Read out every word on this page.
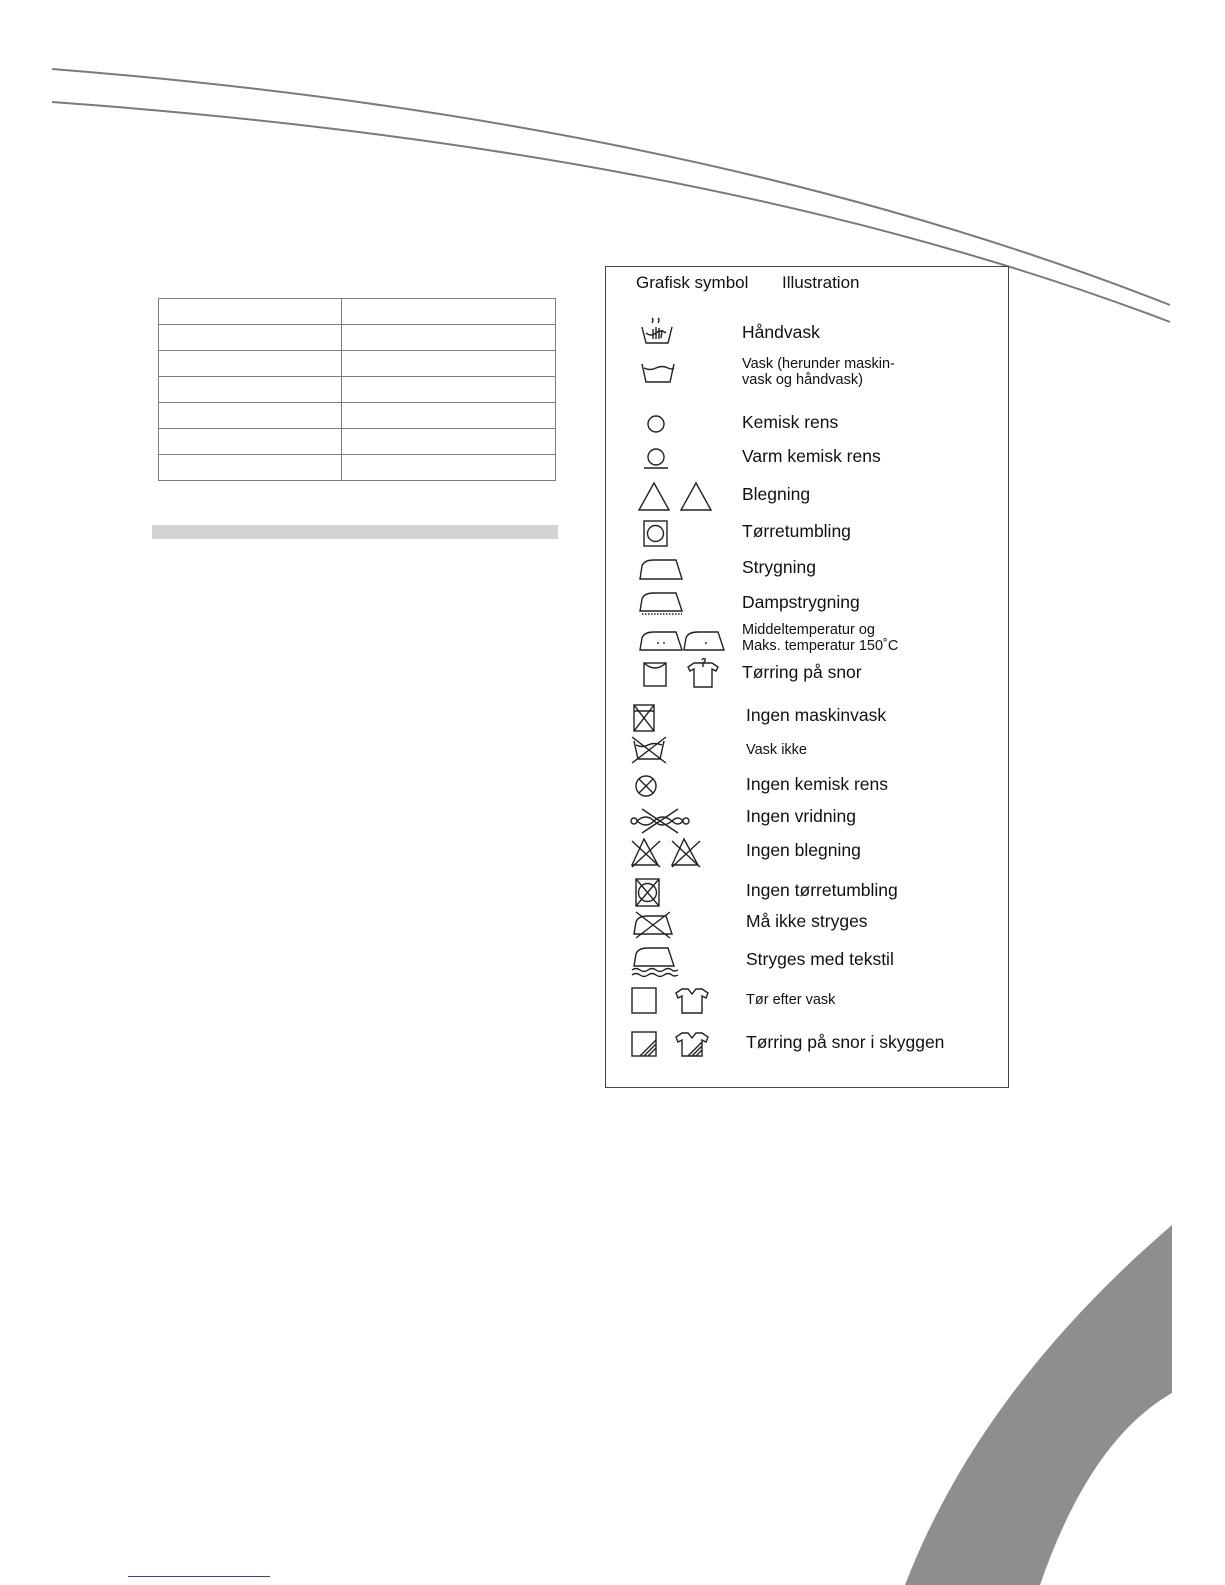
Grafisk symbol Illustration
Håndvask
Vask (herunder maskin-
vask og håndvask)
Kemisk rens
Varm kemisk rens
Blegning
Tørretumbling
Strygning
Dampstrygning
Middeltemperatur og
Maks. temperatur 150˚C
Tørring på snor
Ingen maskinvask
Vask ikke
Ingen kemisk rens
Ingen vridning
Ingen blegning
Ingen tørretumbling
Må ikke stryges
Stryges med tekstil
Tør efter vask
Tørring på snor i skyggen
